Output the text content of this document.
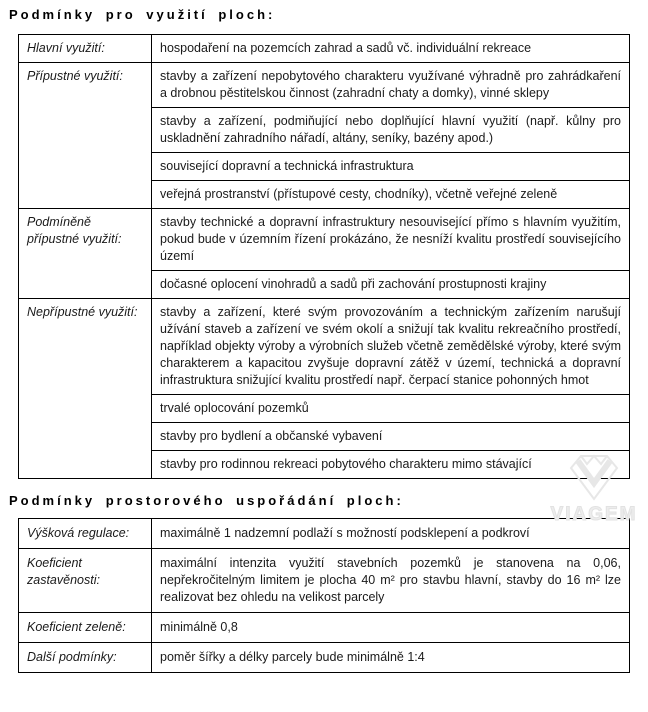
Podmínky pro využití ploch:
Hlavní využití:	hospodaření na pozemcích zahrad a sadů vč. individuální rekreace
Přípustné využití:	stavby a zařízení nepobytového charakteru využívané výhradně pro zahrádkaření a drobnou pěstitelskou činnost (zahradní chaty a domky), vinné sklepy
	stavby a zařízení, podmiňující nebo doplňující hlavní využití (např. kůlny pro uskladnění zahradního nářadí, altány, seníky, bazény apod.)
	související dopravní a technická infrastruktura
	veřejná prostranství (přístupové cesty, chodníky), včetně veřejné zeleně
Podmíněně přípustné využití:	stavby technické a dopravní infrastruktury nesouvisející přímo s hlavním využitím, pokud bude v územním řízení prokázáno, že nesníží kvalitu prostředí souvisejícího území
	dočasné oplocení vinohradů a sadů při zachování prostupnosti krajiny
Nepřípustné využití:	stavby a zařízení, které svým provozováním a technickým zařízením narušují užívání staveb a zařízení ve svém okolí a snižují tak kvalitu rekreačního prostředí, například objekty výroby a výrobních služeb včetně zemědělské výroby, které svým charakterem a kapacitou zvyšuje dopravní zátěž v území, technická a dopravní infrastruktura snižující kvalitu prostředí např. čerpací stanice pohonných hmot
	trvalé oplocování pozemků
	stavby pro bydlení a občanské vybavení
	stavby pro rodinnou rekreaci pobytového charakteru mimo stávající
Podmínky prostorového uspořádání ploch:
Výšková regulace:	maximálně 1 nadzemní podlaží s možností podsklepení a podkroví
Koeficient zastavěnosti:	maximální intenzita využití stavebních pozemků je stanovena na 0,06, nepřekročitelným limitem je plocha 40 m² pro stavbu hlavní, stavby do 16 m² lze realizovat bez ohledu na velikost parcely
Koeficient zeleně:	minimálně 0,8
Další podmínky:	poměr šířky a délky parcely bude minimálně 1:4
VIAGEM
